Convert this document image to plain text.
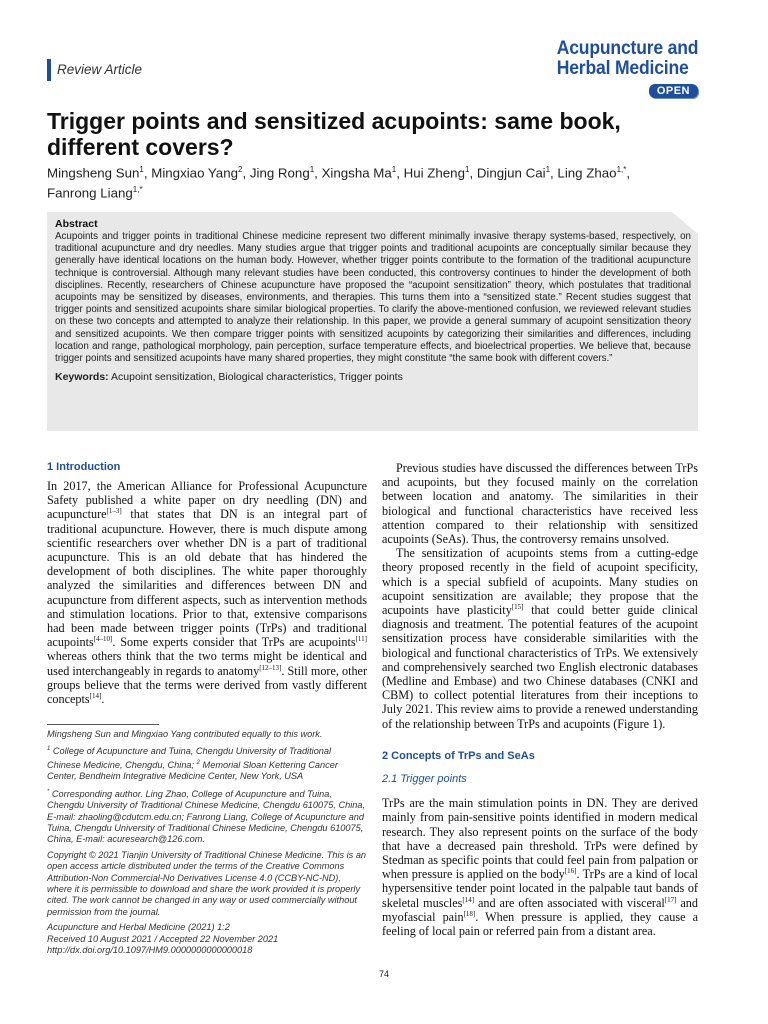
Review Article
Acupuncture and
Herbal Medicine
OPEN
Trigger points and sensitized acupoints: same book, different covers?
Mingsheng Sun$^1$, Mingxiao Yang$^2$, Jing Rong$^1$, Xingsha Ma$^1$, Hui Zheng$^1$, Dingjun Cai$^1$, Ling Zhao$^{1,*}$,
Fanrong Liang$^{1,*}$
Abstract
Acupoints and trigger points in traditional Chinese medicine represent two different minimally invasive therapy systems-based, respectively, on traditional acupuncture and dry needles. Many studies argue that trigger points and traditional acupoints are conceptually similar because they generally have identical locations on the human body. However, whether trigger points contribute to the formation of the traditional acupuncture technique is controversial. Although many relevant studies have been conducted, this controversy continues to hinder the development of both disciplines. Recently, researchers of Chinese acupuncture have proposed the “acupoint sensitization” theory, which postulates that traditional acupoints may be sensitized by diseases, environments, and therapies. This turns them into a “sensitized state.” Recent studies suggest that trigger points and sensitized acupoints share similar biological properties. To clarify the above-mentioned confusion, we reviewed relevant studies on these two concepts and attempted to analyze their relationship. In this paper, we provide a general summary of acupoint sensitization theory and sensitized acupoints. We then compare trigger points with sensitized acupoints by categorizing their similarities and differences, including location and range, pathological morphology, pain perception, surface temperature effects, and bioelectrical properties. We believe that, because trigger points and sensitized acupoints have many shared properties, they might constitute “the same book with different covers.”
Keywords: Acupoint sensitization, Biological characteristics, Trigger points
1 Introduction

In 2017, the American Alliance for Professional Acupuncture Safety published a white paper on dry needling (DN) and acupuncture[1–3] that states that DN is an integral part of traditional acupuncture. However, there is much dispute among scientific researchers over whether DN is a part of traditional acupuncture. This is an old debate that has hindered the development of both disciplines. The white paper thoroughly analyzed the similarities and differences between DN and acupuncture from different aspects, such as intervention methods and stimulation locations. Prior to that, extensive comparisons had been made between trigger points (TrPs) and traditional acupoints[4–10]. Some experts consider that TrPs are acupoints[11] whereas others think that the two terms might be identical and used interchangeably in regards to anatomy[12–13]. Still more, other groups believe that the terms were derived from vastly different concepts[14].

Mingsheng Sun and Mingxiao Yang contributed equally to this work.

$^1$ College of Acupuncture and Tuina, Chengdu University of Traditional Chinese Medicine, Chengdu, China; $^2$ Memorial Sloan Kettering Cancer Center, Bendheim Integrative Medicine Center, New York, USA

* Corresponding author. Ling Zhao, College of Acupuncture and Tuina, Chengdu University of Traditional Chinese Medicine, Chengdu 610075, China, E-mail: zhaoling@cdutcm.edu.cn; Fanrong Liang, College of Acupuncture and Tuina, Chengdu University of Traditional Chinese Medicine, Chengdu 610075, China, E-mail: acuresearch@126.com.

Copyright © 2021 Tianjin University of Traditional Chinese Medicine. This is an open access article distributed under the terms of the Creative Commons Attribution-Non Commercial-No Derivatives License 4.0 (CCBY-NC-ND), where it is permissible to download and share the work provided it is properly cited. The work cannot be changed in any way or used commercially without permission from the journal.

Acupuncture and Herbal Medicine (2021) 1:2

Received 10 August 2021 / Accepted 22 November 2021

http://dx.doi.org/10.1097/HM9.0000000000000018

Previous studies have discussed the differences between TrPs and acupoints, but they focused mainly on the correlation between location and anatomy. The similarities in their biological and functional characteristics have received less attention compared to their relationship with sensitized acupoints (SeAs). Thus, the controversy remains unsolved.

The sensitization of acupoints stems from a cutting-edge theory proposed recently in the field of acupoint specificity, which is a special subfield of acupoints. Many studies on acupoint sensitization are available; they propose that the acupoints have plasticity[15] that could better guide clinical diagnosis and treatment. The potential features of the acupoint sensitization process have considerable similarities with the biological and functional characteristics of TrPs. We extensively and comprehensively searched two English electronic databases (Medline and Embase) and two Chinese databases (CNKI and CBM) to collect potential literatures from their inceptions to July 2021. This review aims to provide a renewed understanding of the relationship between TrPs and acupoints (Figure 1).

2 Concepts of TrPs and SeAs
2.1 Trigger points

TrPs are the main stimulation points in DN. They are derived mainly from pain-sensitive points identified in modern medical research. They also represent points on the surface of the body that have a decreased pain threshold. TrPs were defined by Stedman as specific points that could feel pain from palpation or when pressure is applied on the body[16]. TrPs are a kind of local hypersensitive tender point located in the palpable taut bands of skeletal muscles[14] and are often associated with visceral[17] and myofascial pain[18]. When pressure is applied, they cause a feeling of local pain or referred pain from a distant area.

74
